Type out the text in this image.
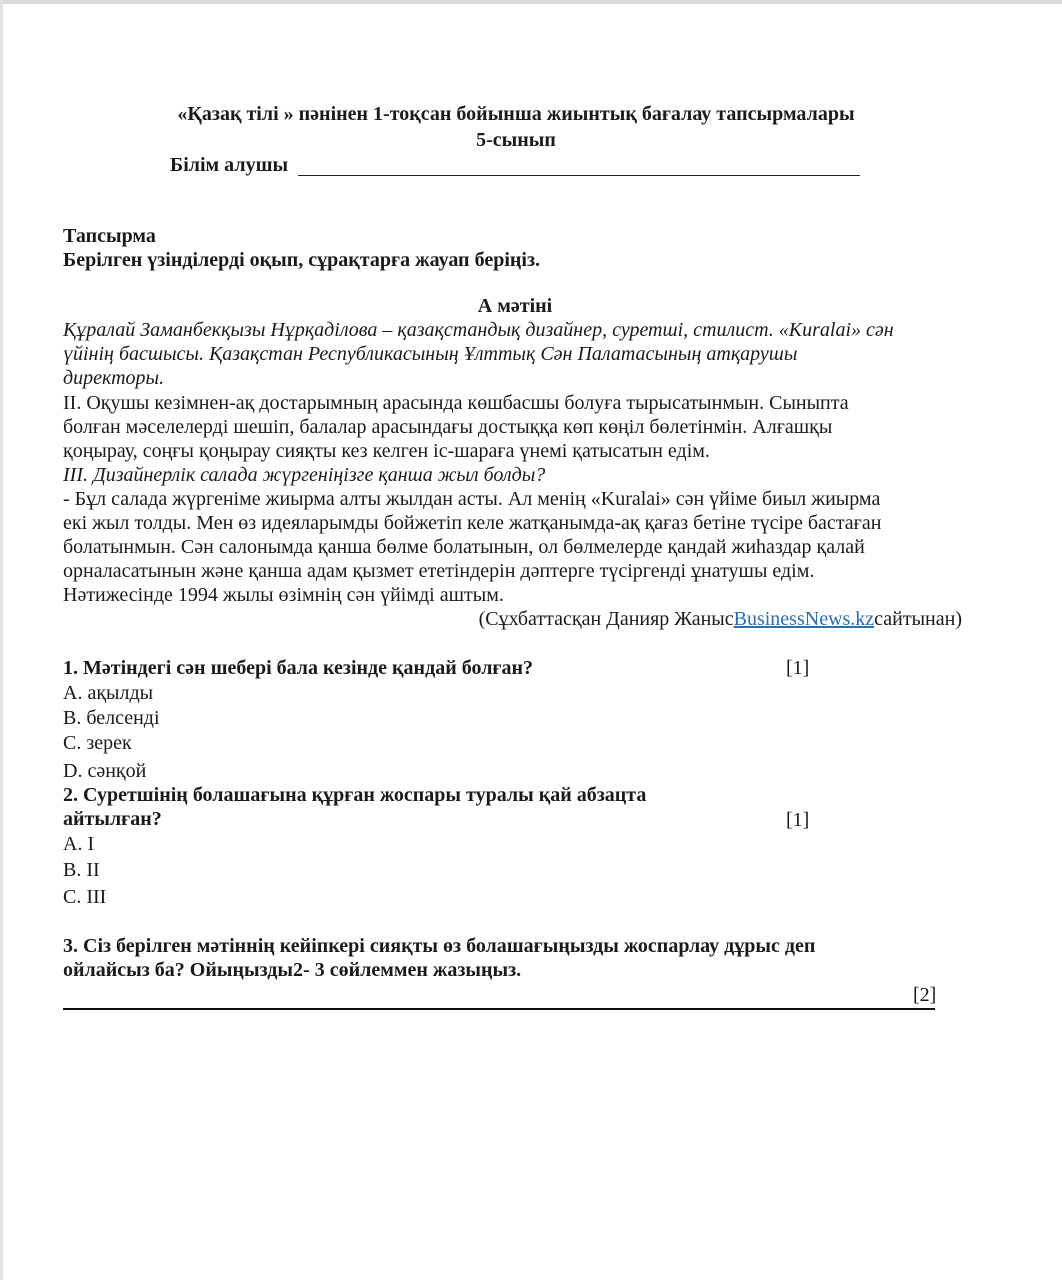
«Қазақ тілі » пәнінен 1-тоқсан бойынша жиынтық бағалау тапсырмалары
5-сынып
Білім алушы
Тапсырма
Берілген үзінділерді оқып, сұрақтарға жауап беріңіз.
А мәтіні
Құралай Заманбекқызы Нұрқаділова – қазақстандық дизайнер, суретші, стилист. «Kuralai» сән
үйінің басшысы. Қазақстан Республикасының Ұлттық Сән Палатасының атқарушы
директоры.
ІІ. Оқушы кезімнен-ақ достарымның арасында көшбасшы болуға тырысатынмын. Сыныпта
болған мәселелерді шешіп, балалар арасындағы достыққа көп көңіл бөлетінмін. Алғашқы
қоңырау, соңғы қоңырау сияқты кез келген іс-шараға үнемі қатысатын едім.
ІІІ. Дизайнерлік салада жүргеніңізге қанша жыл болды?
- Бұл салада жүргеніме жиырма алты жылдан асты. Ал менің «Kuralai» сән үйіме биыл жиырма
екі жыл толды. Мен өз идеяларымды бойжетіп келе жатқанымда-ақ қағаз бетіне түсіре бастаған
болатынмын. Сән салонымда қанша бөлме болатынын, ол бөлмелерде қандай жиһаздар қалай
орналасатынын және қанша адам қызмет ететіндерін дәптерге түсіргенді ұнатушы едім.
Нәтижесінде 1994 жылы өзімнің сән үйімді аштым.
(Сұхбаттасқан Данияр ЖанысBusinessNews.kzсайтынан)
1. Мәтіндегі сән шебері бала кезінде қандай болған?	[1]
A. ақылды
B. белсенді
C. зерек
D. сәнқой
2. Суретшінің болашағына құрған жоспары туралы қай абзацта
айтылған?	[1]
A. І
B. ІІ
C. ІІІ
3. Сіз берілген мәтіннің кейіпкері сияқты өз болашағыңызды жоспарлау дұрыс деп
ойлайсыз ба? Ойыңызды2- 3 сөйлеммен жазыңыз.
[2]
